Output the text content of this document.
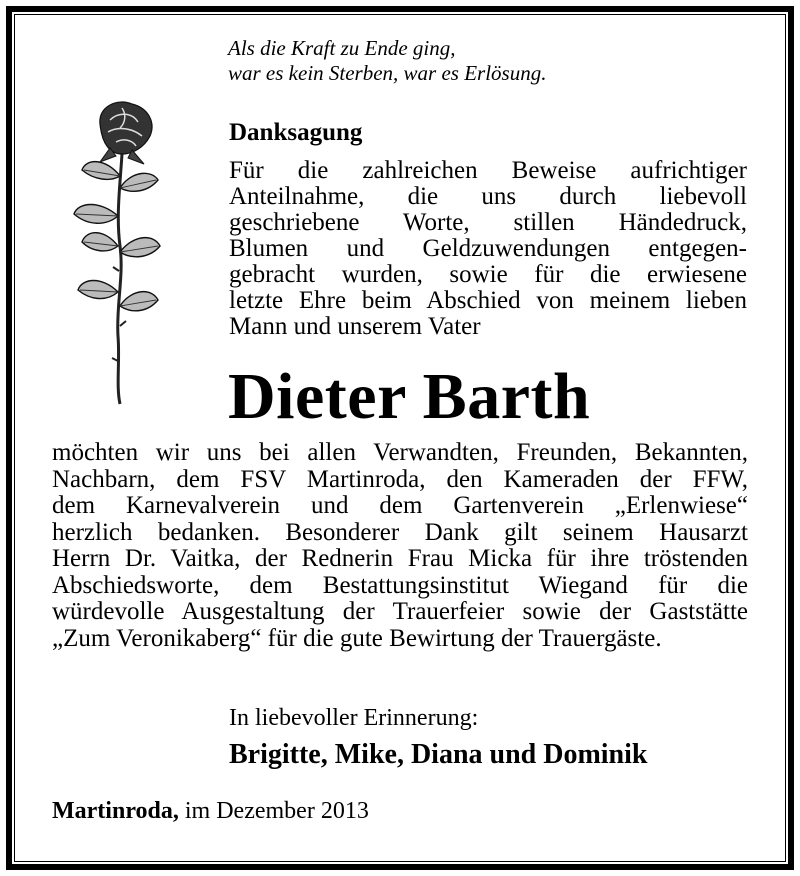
Als die Kraft zu Ende ging,
war es kein Sterben, war es Erlösung.
Danksagung
Für die zahlreichen Beweise aufrichtiger
Anteilnahme, die uns durch liebevoll
geschriebene Worte, stillen Händedruck,
Blumen und Geldzuwendungen entgegen-
gebracht wurden, sowie für die erwiesene
letzte Ehre beim Abschied von meinem lieben
Mann und unserem Vater
Dieter Barth
möchten wir uns bei allen Verwandten, Freunden, Bekannten,
Nachbarn, dem FSV Martinroda, den Kameraden der FFW,
dem Karnevalverein und dem Gartenverein „Erlenwiese“
herzlich bedanken. Besonderer Dank gilt seinem Hausarzt
Herrn Dr. Vaitka, der Rednerin Frau Micka für ihre tröstenden
Abschiedsworte, dem Bestattungsinstitut Wiegand für die
würdevolle Ausgestaltung der Trauerfeier sowie der Gaststätte
„Zum Veronikaberg“ für die gute Bewirtung der Trauergäste.
In liebevoller Erinnerung:
Brigitte, Mike, Diana und Dominik
Martinroda, im Dezember 2013
